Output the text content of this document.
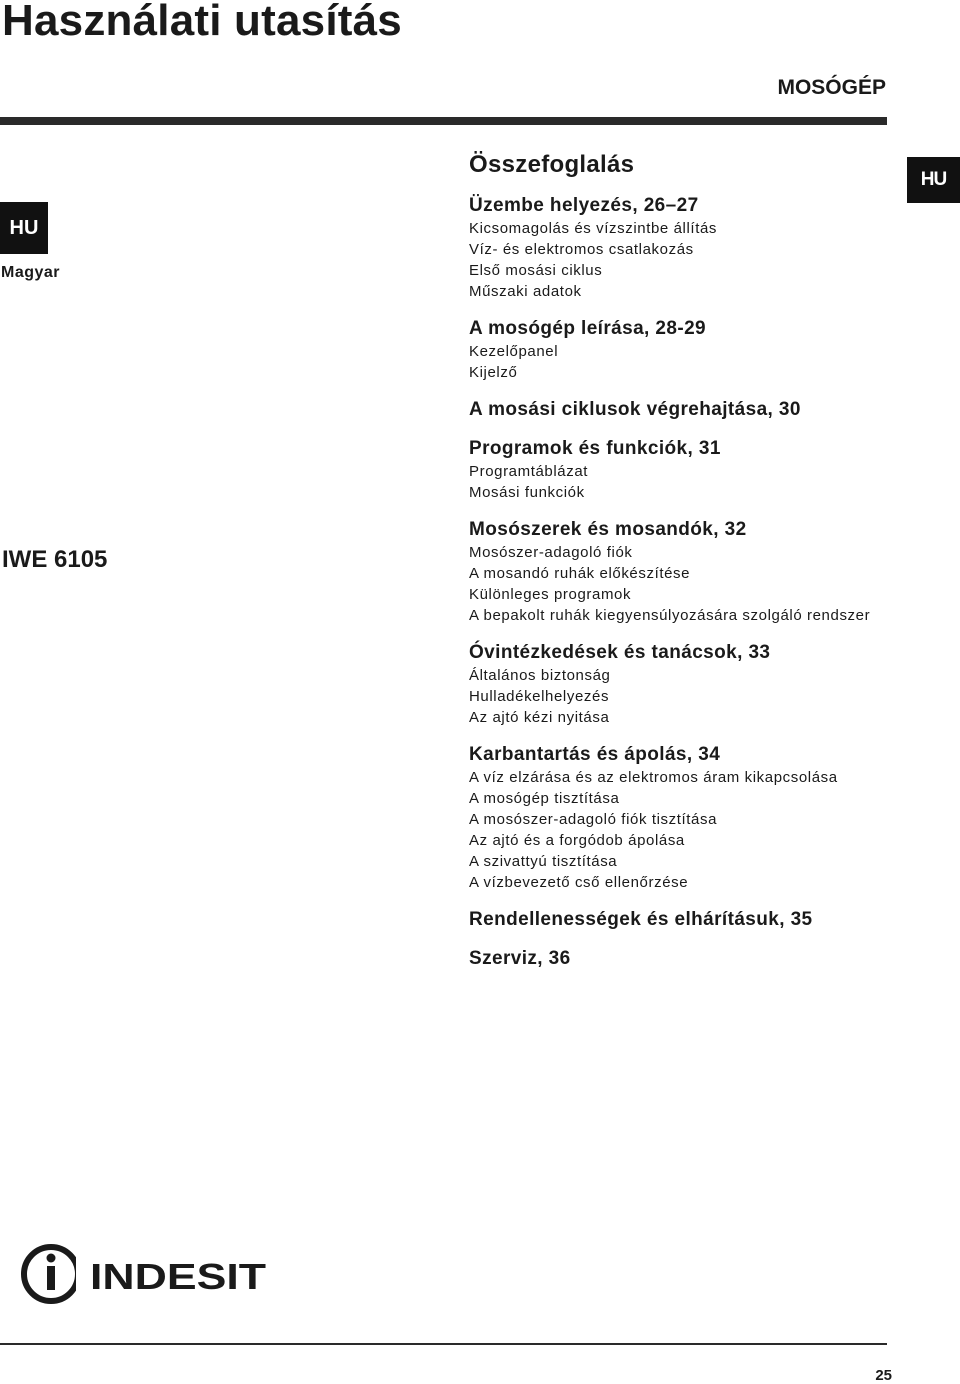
Használati utasítás
MOSÓGÉP
HU
Magyar
HU
IWE 6105
Összefoglalás
Üzembe helyezés, 26–27
Kicsomagolás és vízszintbe állítás
Víz- és elektromos csatlakozás
Első mosási ciklus
Műszaki adatok
A mosógép leírása, 28-29
Kezelőpanel
Kijelző
A mosási ciklusok végrehajtása, 30
Programok és funkciók, 31
Programtáblázat
Mosási funkciók
Mosószerek és mosandók, 32
Mosószer-adagoló fiók
A mosandó ruhák előkészítése
Különleges programok
A bepakolt ruhák kiegyensúlyozására szolgáló rendszer
Óvintézkedések és tanácsok, 33
Általános biztonság
Hulladékelhelyezés
Az ajtó kézi nyitása
Karbantartás és ápolás, 34
A víz elzárása és az elektromos áram kikapcsolása
A mosógép tisztítása
A mosószer-adagoló fiók tisztítása
Az ajtó és a forgódob ápolása
A szivattyú tisztítása
A vízbevezető cső ellenőrzése
Rendellenességek és elhárításuk, 35
Szerviz, 36
INDESIT
25
